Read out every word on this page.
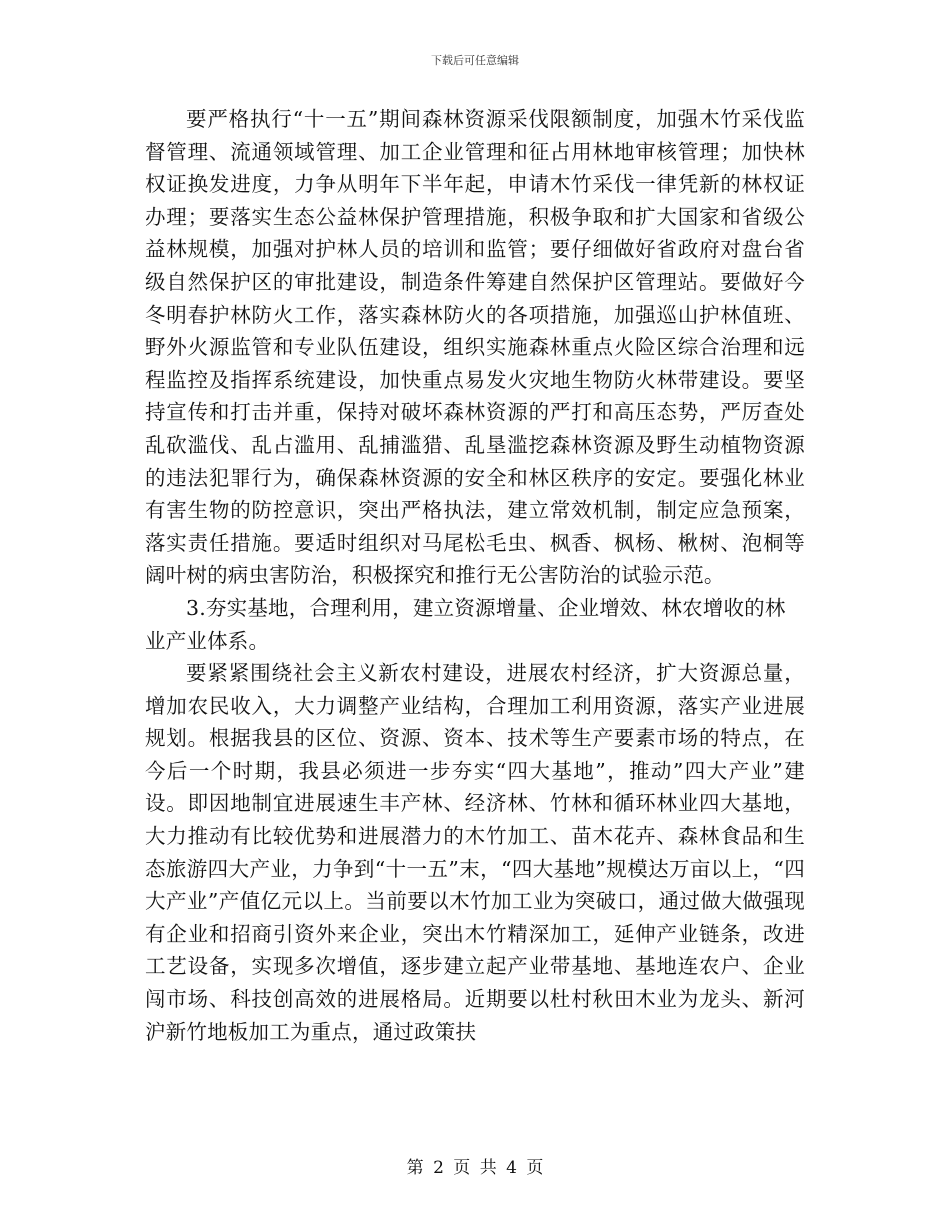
下载后可任意编辑

要严格执行“十一五”期间森林资源采伐限额制度，加强木竹采伐监督管理、流通领域管理、加工企业管理和征占用林地审核管理；加快林权证换发进度，力争从明年下半年起，申请木竹采伐一律凭新的林权证办理；要落实生态公益林保护管理措施，积极争取和扩大国家和省级公益林规模，加强对护林人员的培训和监管；要仔细做好省政府对盘台省级自然保护区的审批建设，制造条件筹建自然保护区管理站。要做好今冬明春护林防火工作，落实森林防火的各项措施，加强巡山护林值班、野外火源监管和专业队伍建设，组织实施森林重点火险区综合治理和远程监控及指挥系统建设，加快重点易发火灾地生物防火林带建设。要坚持宣传和打击并重，保持对破坏森林资源的严打和高压态势，严厉查处乱砍滥伐、乱占滥用、乱捕滥猎、乱垦滥挖森林资源及野生动植物资源的违法犯罪行为，确保森林资源的安全和林区秩序的安定。要强化林业有害生物的防控意识，突出严格执法，建立常效机制，制定应急预案，落实责任措施。要适时组织对马尾松毛虫、枫香、枫杨、楸树、泡桐等阔叶树的病虫害防治，积极探究和推行无公害防治的试验示范。

3.夯实基地，合理利用，建立资源增量、企业增效、林农增收的林业产业体系。

要紧紧围绕社会主义新农村建设，进展农村经济，扩大资源总量，增加农民收入，大力调整产业结构，合理加工利用资源，落实产业进展规划。根据我县的区位、资源、资本、技术等生产要素市场的特点，在今后一个时期，我县必须进一步夯实“四大基地”，推动”四大产业”建设。即因地制宜进展速生丰产林、经济林、竹林和循环林业四大基地，大力推动有比较优势和进展潜力的木竹加工、苗木花卉、森林食品和生态旅游四大产业，力争到“十一五”末，“四大基地”规模达万亩以上，“四大产业”产值亿元以上。当前要以木竹加工业为突破口，通过做大做强现有企业和招商引资外来企业，突出木竹精深加工，延伸产业链条，改进工艺设备，实现多次增值，逐步建立起产业带基地、基地连农户、企业闯市场、科技创高效的进展格局。近期要以杜村秋田木业为龙头、新河沪新竹地板加工为重点，通过政策扶

第 2 页 共 4 页
